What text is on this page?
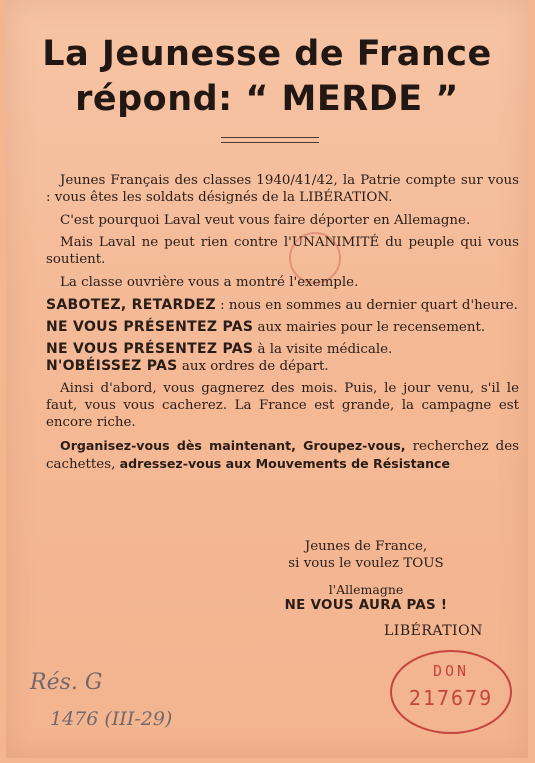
La Jeunesse de France
répond: “ MERDE ”

Jeunes Français des classes 1940/41/42, la Patrie compte sur vous : vous êtes les soldats désignés de la LIBÉRATION.

C'est pourquoi Laval veut vous faire déporter en Allemagne.

Mais Laval ne peut rien contre l'UNANIMITÉ du peuple qui vous soutient.

La classe ouvrière vous a montré l'exemple.

SABOTEZ, RETARDEZ : nous en sommes au dernier quart d'heure.

NE VOUS PRÉSENTEZ PAS aux mairies pour le recensement.

NE VOUS PRÉSENTEZ PAS à la visite médicale.

N'OBÉISSEZ PAS aux ordres de départ.

Ainsi d'abord, vous gagnerez des mois. Puis, le jour venu, s'il le faut, vous vous cacherez. La France est grande, la campagne est encore riche.

Organisez-vous dès maintenant, Groupez-vous, recherchez des cachettes, adressez-vous aux Mouvements de Résistance

Jeunes de France,
si vous le voulez TOUS
l'Allemagne
NE VOUS AURA PAS !
LIBÉRATION
Rés. G
1476 (III-29)
DON
217679
